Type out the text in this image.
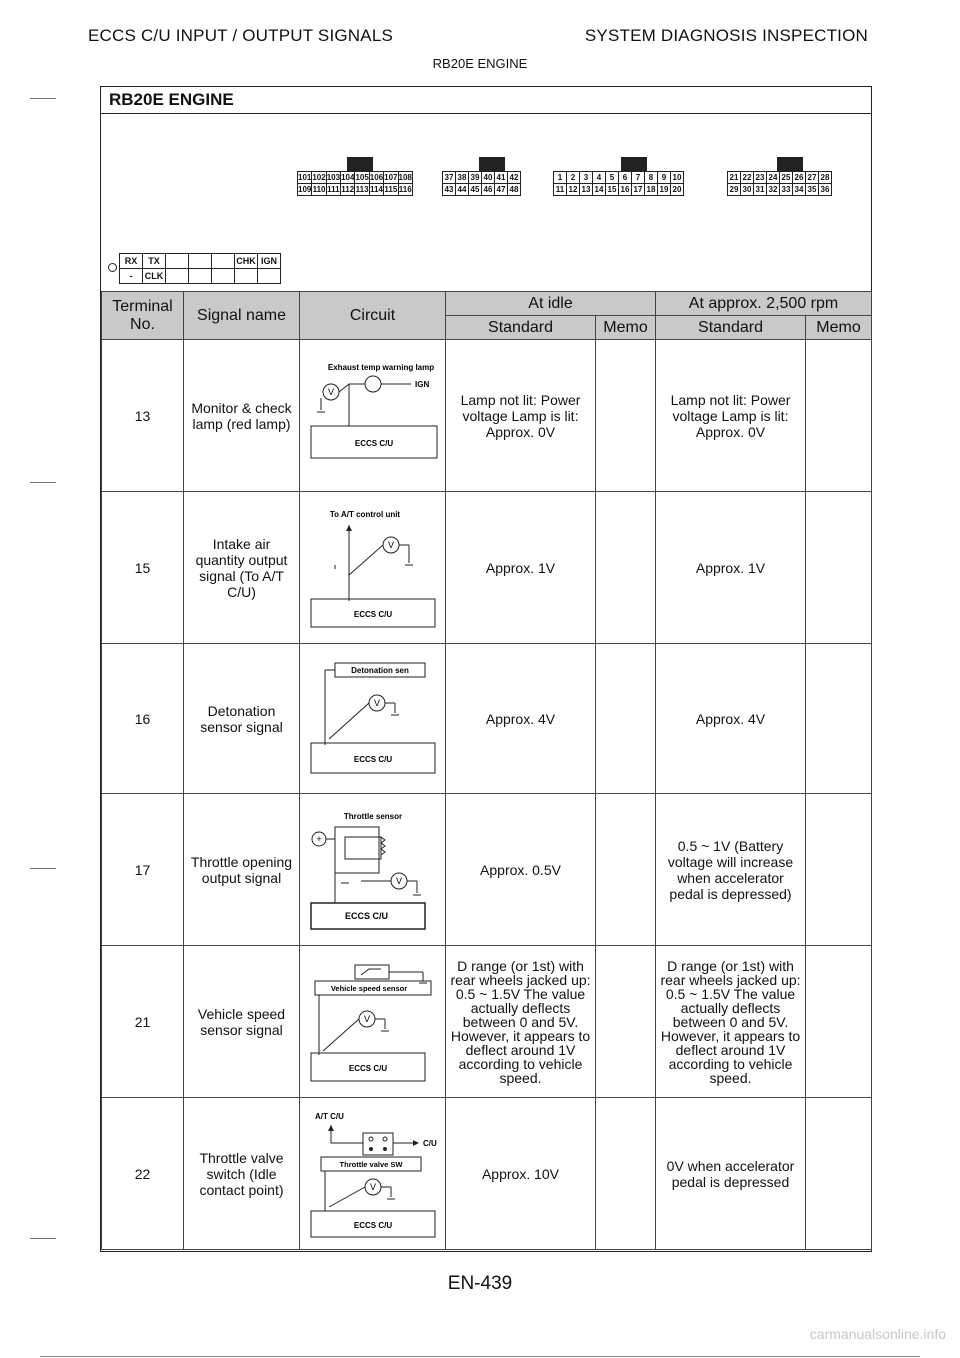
ECCS C/U INPUT / OUTPUT SIGNALS	SYSTEM DIAGNOSIS INSPECTION
RB20E ENGINE
RB20E ENGINE
101	102	103	104	105	106	107	108
109	110	111	112	113	114	115	116
37	38	39	40	41	42
43	44	45	46	47	48
1	2	3	4	5	6	7	8	9	10
11	12	13	14	15	16	17	18	19	20
21	22	23	24	25	26	27	28
29	30	31	32	33	34	35	36
RX	TX				CHK	IGN
-	CLK					
Terminal No.	Signal name	Circuit	At idle		At approx. 2,500 rpm	
			Standard	Memo	Standard	Memo
13	Monitor & check lamp (red lamp)	Exhaust temp warning lamp
V
IGN
ECCS C/U	Lamp not lit: Power voltage Lamp is lit: Approx. 0V		Lamp not lit: Power voltage Lamp is lit: Approx. 0V	
15	Intake air quantity output signal (To A/T C/U)	To A/T control unit
V
ECCS C/U	Approx. 1V		Approx. 1V	
16	Detonation sensor signal	Detonation sen
V
ECCS C/U	Approx. 4V		Approx. 4V	
17	Throttle opening output signal	Throttle sensor
+
V
ECCS C/U	Approx. 0.5V		0.5 ~ 1V (Battery voltage will increase when accelerator pedal is depressed)	
21	Vehicle speed sensor signal	Vehicle speed sensor
V
ECCS C/U	D range (or 1st) with rear wheels jacked up: 0.5 ~ 1.5V The value actually deflects between 0 and 5V. However, it appears to deflect around 1V according to vehicle speed.		D range (or 1st) with rear wheels jacked up: 0.5 ~ 1.5V The value actually deflects between 0 and 5V. However, it appears to deflect around 1V according to vehicle speed.	
22	Throttle valve switch (Idle contact point)	A/T C/U
C/U
Throttle valve SW
V
ECCS C/U	Approx. 10V		0V when accelerator pedal is depressed	
EN-439
carmanualsonline.info
